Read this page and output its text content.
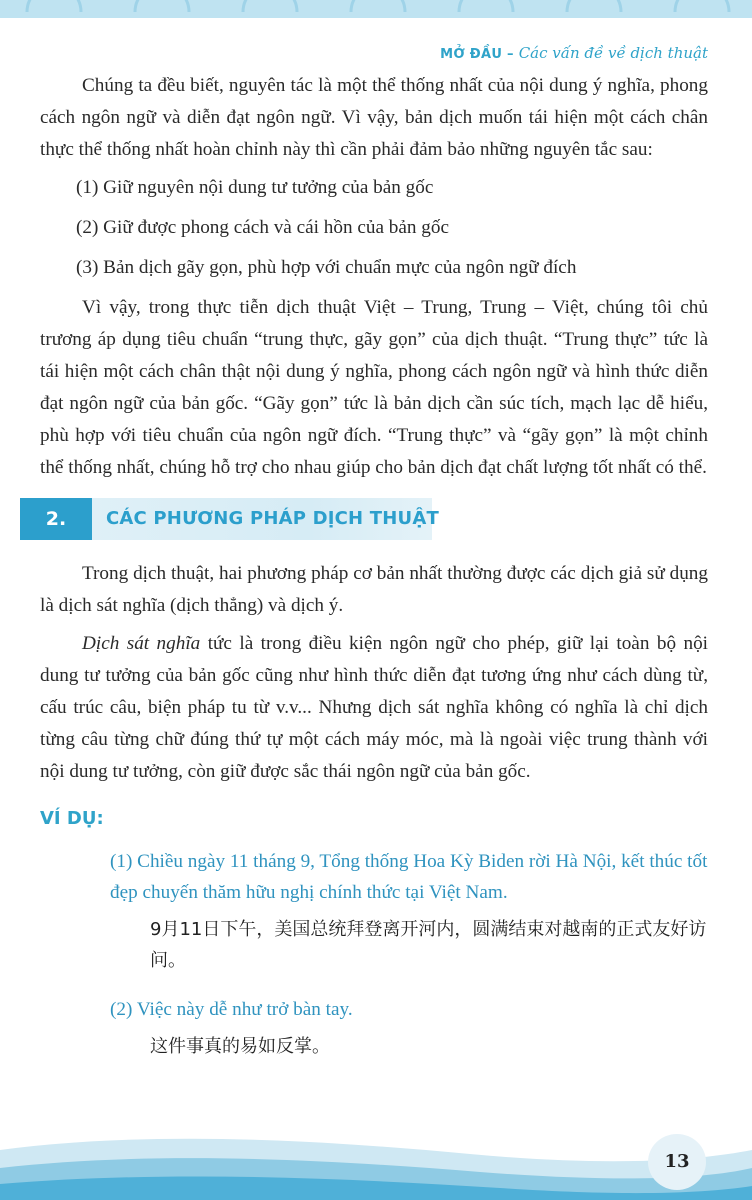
MỞ ĐẦU – Các vấn đề về dịch thuật

Chúng ta đều biết, nguyên tác là một thể thống nhất của nội dung ý nghĩa, phong cách ngôn ngữ và diễn đạt ngôn ngữ. Vì vậy, bản dịch muốn tái hiện một cách chân thực thể thống nhất hoàn chỉnh này thì cần phải đảm bảo những nguyên tắc sau:

(1) Giữ nguyên nội dung tư tưởng của bản gốc

(2) Giữ được phong cách và cái hồn của bản gốc

(3) Bản dịch gãy gọn, phù hợp với chuẩn mực của ngôn ngữ đích

Vì vậy, trong thực tiễn dịch thuật Việt – Trung, Trung – Việt, chúng tôi chủ trương áp dụng tiêu chuẩn “trung thực, gãy gọn” của dịch thuật. “Trung thực” tức là tái hiện một cách chân thật nội dung ý nghĩa, phong cách ngôn ngữ và hình thức diễn đạt ngôn ngữ của bản gốc. “Gãy gọn” tức là bản dịch cần súc tích, mạch lạc dễ hiểu, phù hợp với tiêu chuẩn của ngôn ngữ đích. “Trung thực” và “gãy gọn” là một chỉnh thể thống nhất, chúng hỗ trợ cho nhau giúp cho bản dịch đạt chất lượng tốt nhất có thể.

2.	CÁC PHƯƠNG PHÁP DỊCH THUẬT

Trong dịch thuật, hai phương pháp cơ bản nhất thường được các dịch giả sử dụng là dịch sát nghĩa (dịch thẳng) và dịch ý.

Dịch sát nghĩa tức là trong điều kiện ngôn ngữ cho phép, giữ lại toàn bộ nội dung tư tưởng của bản gốc cũng như hình thức diễn đạt tương ứng như cách dùng từ, cấu trúc câu, biện pháp tu từ v.v... Nhưng dịch sát nghĩa không có nghĩa là chỉ dịch từng câu từng chữ đúng thứ tự một cách máy móc, mà là ngoài việc trung thành với nội dung tư tưởng, còn giữ được sắc thái ngôn ngữ của bản gốc.

VÍ DỤ:
(1) Chiều ngày 11 tháng 9, Tổng thống Hoa Kỳ Biden rời Hà Nội, kết thúc tốt đẹp chuyến thăm hữu nghị chính thức tại Việt Nam.
9月11日下午，美国总统拜登离开河内，圆满结束对越南的正式友好访问。
(2) Việc này dễ như trở bàn tay.
这件事真的易如反掌。
13
